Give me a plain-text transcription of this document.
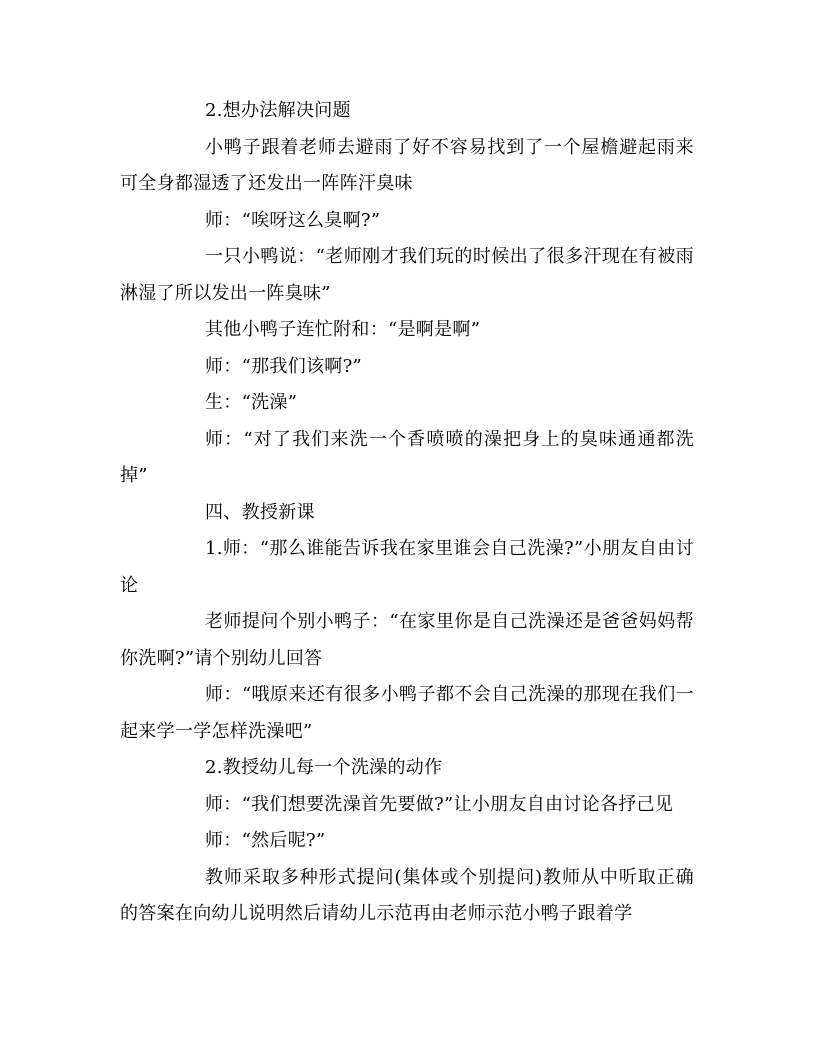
2.想办法解决问题

小鸭子跟着老师去避雨了好不容易找到了一个屋檐避起雨来可全身都湿透了还发出一阵阵汗臭味

师：“唉呀这么臭啊?”

一只小鸭说：“老师刚才我们玩的时候出了很多汗现在有被雨淋湿了所以发出一阵臭味”

其他小鸭子连忙附和：“是啊是啊”

师：“那我们该啊?”

生：“洗澡”

师：“对了我们来洗一个香喷喷的澡把身上的臭味通通都洗掉”

四、教授新课

1.师：“那么谁能告诉我在家里谁会自己洗澡?”小朋友自由讨论

老师提问个别小鸭子：“在家里你是自己洗澡还是爸爸妈妈帮你洗啊?”请个别幼儿回答

师：“哦原来还有很多小鸭子都不会自己洗澡的那现在我们一起来学一学怎样洗澡吧”

2.教授幼儿每一个洗澡的动作

师：“我们想要洗澡首先要做?”让小朋友自由讨论各抒己见

师：“然后呢?”

教师采取多种形式提问(集体或个别提问)教师从中听取正确的答案在向幼儿说明然后请幼儿示范再由老师示范小鸭子跟着学
